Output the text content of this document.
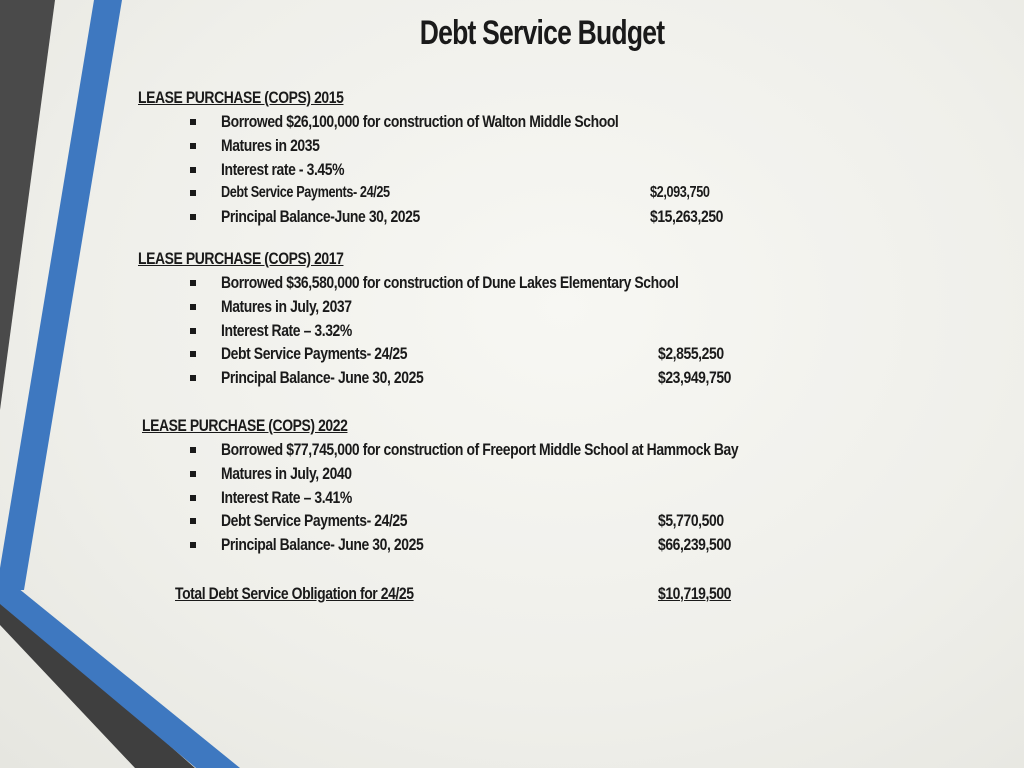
Debt Service Budget
LEASE PURCHASE (COPS) 2015
Borrowed $26,100,000 for construction of Walton Middle School
Matures in 2035
Interest rate - 3.45%
Debt Service Payments- 24/25	$2,093,750
Principal Balance-June 30, 2025	$15,263,250
LEASE PURCHASE (COPS) 2017
Borrowed $36,580,000 for construction of Dune Lakes Elementary School
Matures in July, 2037
Interest Rate – 3.32%
Debt Service Payments- 24/25	$2,855,250
Principal Balance- June 30, 2025	$23,949,750
LEASE PURCHASE (COPS) 2022
Borrowed $77,745,000 for construction of Freeport Middle School at Hammock Bay
Matures in July, 2040
Interest Rate – 3.41%
Debt Service Payments- 24/25	$5,770,500
Principal Balance- June 30, 2025	$66,239,500
Total Debt Service Obligation for 24/25	$10,719,500
